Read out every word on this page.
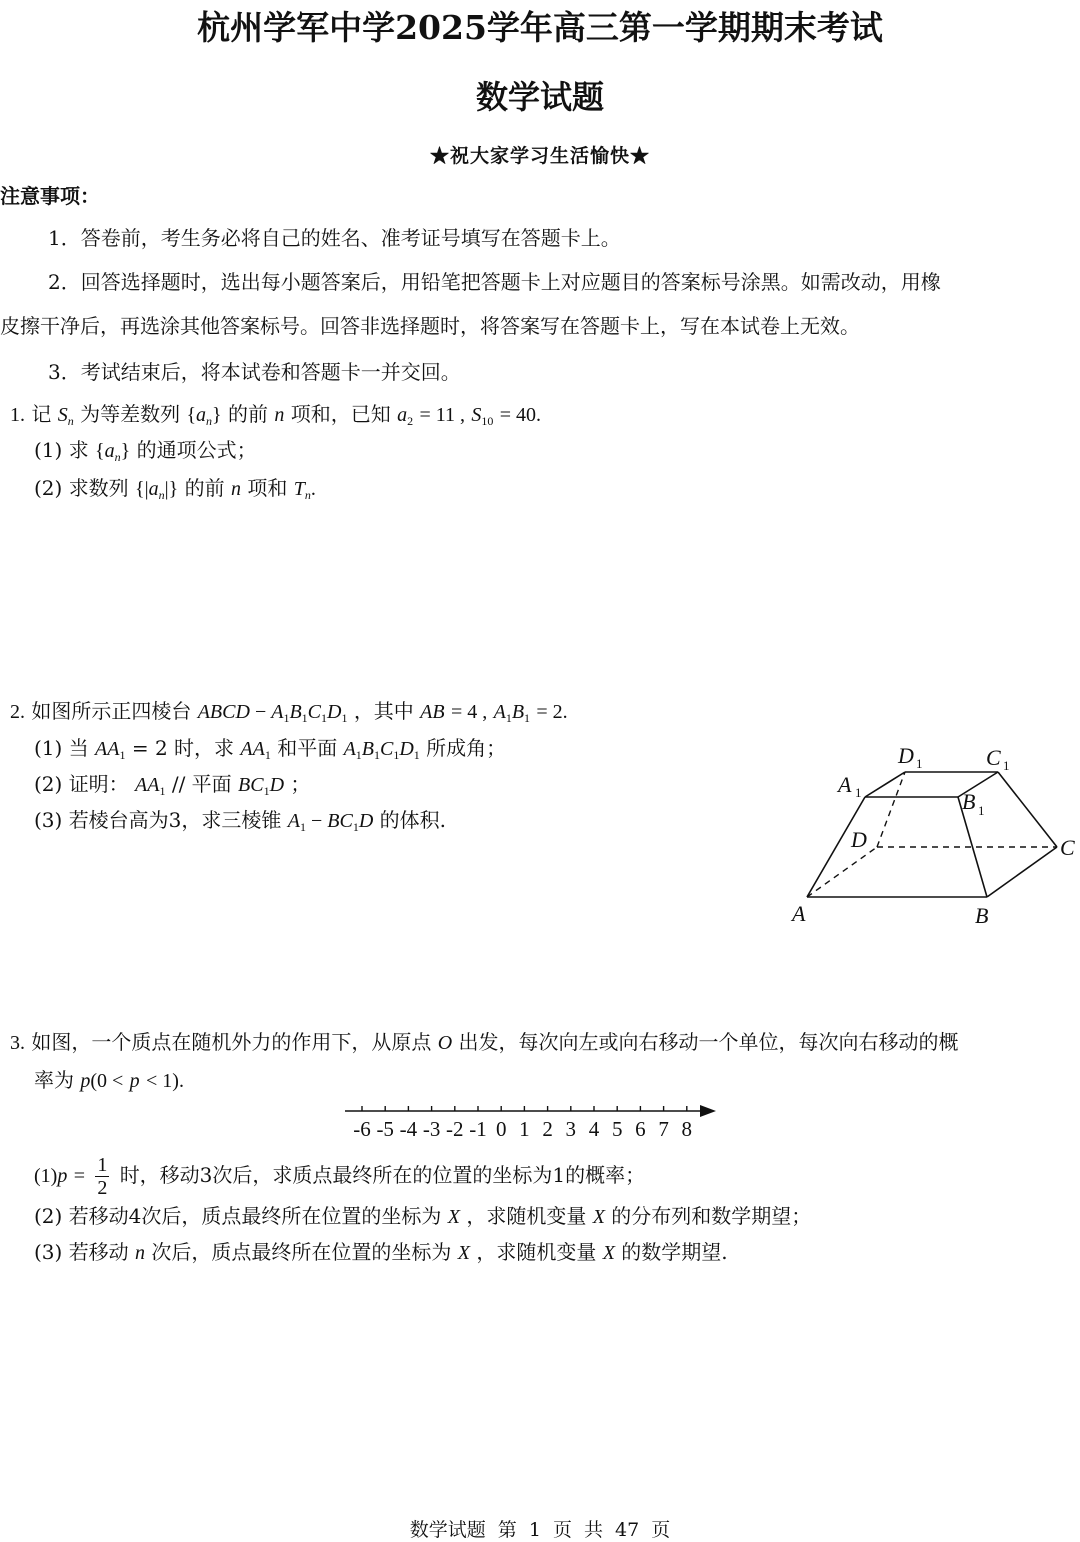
杭州学军中学2025学年高三第一学期期末考试
数学试题
★祝大家学习生活愉快★
注意事项：
1．答卷前，考生务必将自己的姓名、准考证号填写在答题卡上。
2．回答选择题时，选出每小题答案后，用铅笔把答题卡上对应题目的答案标号涂黑。如需改动，用橡
皮擦干净后，再选涂其他答案标号。回答非选择题时，将答案写在答题卡上，写在本试卷上无效。
3．考试结束后，将本试卷和答题卡一并交回。
1. 记 $S_n$ 为等差数列 $\{a_n\}$ 的前 n 项和，已知 $a_2 = 11$ , $S_{10} = 40$.
(1) 求 $\{a_n\}$ 的通项公式；
(2) 求数列 $\{|a_n|\}$ 的前 n 项和 $T_n$.
2. 如图所示正四棱台 ABCD − $A_1B_1C_1D_1$ ，其中 AB = 4 , $A_1B_1 = 2$.
(1) 当 $AA_1 = 2$ 时，求 $AA_1$ 和平面 $A_1B_1C_1D_1$ 所成角；
(2) 证明： $AA_1$ // 平面 $BC_1D$ ；
(3) 若棱台高为3，求三棱锥 $A_1 - BC_1D$ 的体积.
A	B
C
D
A
B
C
D
1
1
1
1
3. 如图，一个质点在随机外力的作用下，从原点 O 出发，每次向左或向右移动一个单位，每次向右移动的概
率为 p(0 < p < 1).
-6 -5 -4 -3 -2 -1 0 1 2 3 4 5 6 7 8
$(1)p = \frac{1}{2}$ 时，移动3次后，求质点最终所在的位置的坐标为1的概率；
(2) 若移动4次后，质点最终所在位置的坐标为 X ，求随机变量 X 的分布列和数学期望；
(3) 若移动 n 次后，质点最终所在位置的坐标为 X ，求随机变量 X 的数学期望.
数学试题 第 1 页 共 47 页
